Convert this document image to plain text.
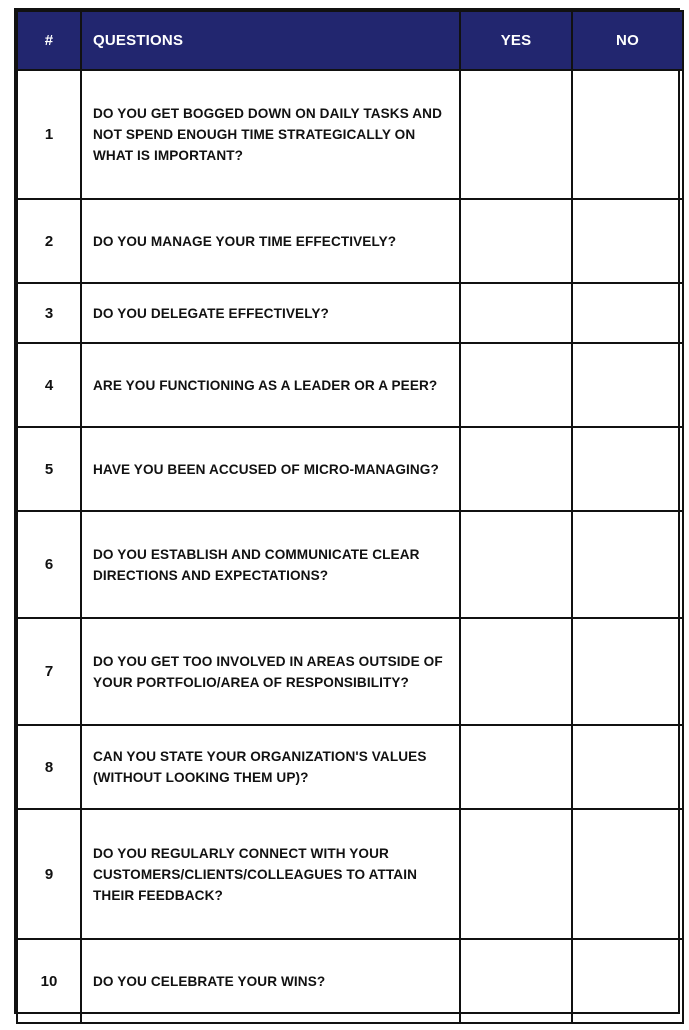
#	QUESTIONS	YES	NO
1	DO YOU GET BOGGED DOWN ON DAILY TASKS AND NOT SPEND ENOUGH TIME STRATEGICALLY ON WHAT IS IMPORTANT?		
2	DO YOU MANAGE YOUR TIME EFFECTIVELY?		
3	DO YOU DELEGATE EFFECTIVELY?		
4	ARE YOU FUNCTIONING AS A LEADER OR A PEER?		
5	HAVE YOU BEEN ACCUSED OF MICRO-MANAGING?		
6	DO YOU ESTABLISH AND COMMUNICATE CLEAR DIRECTIONS AND EXPECTATIONS?		
7	DO YOU GET TOO INVOLVED IN AREAS OUTSIDE OF YOUR PORTFOLIO/AREA OF RESPONSIBILITY?		
8	CAN YOU STATE YOUR ORGANIZATION'S VALUES (WITHOUT LOOKING THEM UP)?		
9	DO YOU REGULARLY CONNECT WITH YOUR CUSTOMERS/CLIENTS/COLLEAGUES TO ATTAIN THEIR FEEDBACK?		
10	DO YOU CELEBRATE YOUR WINS?		
